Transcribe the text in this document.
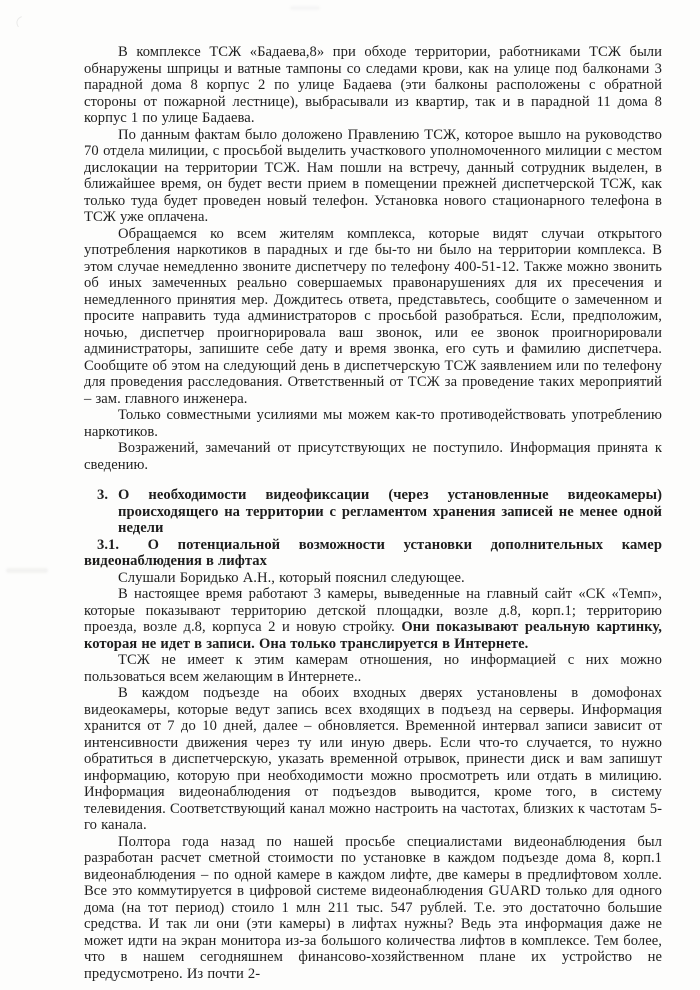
В комплексе ТСЖ «Бадаева,8» при обходе территории, работниками ТСЖ были обнаружены шприцы и ватные тампоны со следами крови, как на улице под балконами 3 парадной дома 8 корпус 2 по улице Бадаева (эти балконы расположены с обратной стороны от пожарной лестнице), выбрасывали из квартир, так и в парадной 11 дома 8 корпус 1 по улице Бадаева.

По данным фактам было доложено Правлению ТСЖ, которое вышло на руководство 70 отдела милиции, с просьбой выделить участкового уполномоченного милиции с местом дислокации на территории ТСЖ. Нам пошли на встречу, данный сотрудник выделен, в ближайшее время, он будет вести прием в помещении прежней диспетчерской ТСЖ, как только туда будет проведен новый телефон. Установка нового стационарного телефона в ТСЖ уже оплачена.

Обращаемся ко всем жителям комплекса, которые видят случаи открытого употребления наркотиков в парадных и где бы-то ни было на территории комплекса. В этом случае немедленно звоните диспетчеру по телефону 400-51-12. Также можно звонить об иных замеченных реально совершаемых правонарушениях для их пресечения и немедленного принятия мер. Дождитесь ответа, представьтесь, сообщите о замеченном и просите направить туда администраторов с просьбой разобраться. Если, предположим, ночью, диспетчер проигнорировала ваш звонок, или ее звонок проигнорировали администраторы, запишите себе дату и время звонка, его суть и фамилию диспетчера. Сообщите об этом на следующий день в диспетчерскую ТСЖ заявлением или по телефону для проведения расследования. Ответственный от ТСЖ за проведение таких мероприятий – зам. главного инженера.

Только совместными усилиями мы можем как-то противодействовать употреблению наркотиков.

Возражений, замечаний от присутствующих не поступило. Информация принята к сведению.

3. О необходимости видеофиксации (через установленные видеокамеры) происходящего на территории с регламентом хранения записей не менее одной недели
3.1. О потенциальной возможности установки дополнительных камер видеонаблюдения в лифтах

Слушали Боридько А.Н., который пояснил следующее.

В настоящее время работают 3 камеры, выведенные на главный сайт «СК «Темп», которые показывают территорию детской площадки, возле д.8, корп.1; территорию проезда, возле д.8, корпуса 2 и новую стройку. Они показывают реальную картинку, которая не идет в записи. Она только транслируется в Интернете.

ТСЖ не имеет к этим камерам отношения, но информацией с них можно пользоваться всем желающим в Интернете..

В каждом подъезде на обоих входных дверях установлены в домофонах видеокамеры, которые ведут запись всех входящих в подъезд на серверы. Информация хранится от 7 до 10 дней, далее – обновляется. Временной интервал записи зависит от интенсивности движения через ту или иную дверь. Если что-то случается, то нужно обратиться в диспетчерскую, указать временной отрывок, принести диск и вам запишут информацию, которую при необходимости можно просмотреть или отдать в милицию. Информация видеонаблюдения от подъездов выводится, кроме того, в систему телевидения. Соответствующий канал можно настроить на частотах, близких к частотам 5-го канала.

Полтора года назад по нашей просьбе специалистами видеонаблюдения был разработан расчет сметной стоимости по установке в каждом подъезде дома 8, корп.1 видеонаблюдения – по одной камере в каждом лифте, две камеры в предлифтовом холле. Все это коммутируется в цифровой системе видеонаблюдения GUARD только для одного дома (на тот период) стоило 1 млн 211 тыс. 547 рублей. Т.е. это достаточно большие средства. И так ли они (эти камеры) в лифтах нужны? Ведь эта информация даже не может идти на экран монитора из-за большого количества лифтов в комплексе. Тем более, что в нашем сегодняшнем финансово-хозяйственном плане их устройство не предусмотрено. Из почти 2-
